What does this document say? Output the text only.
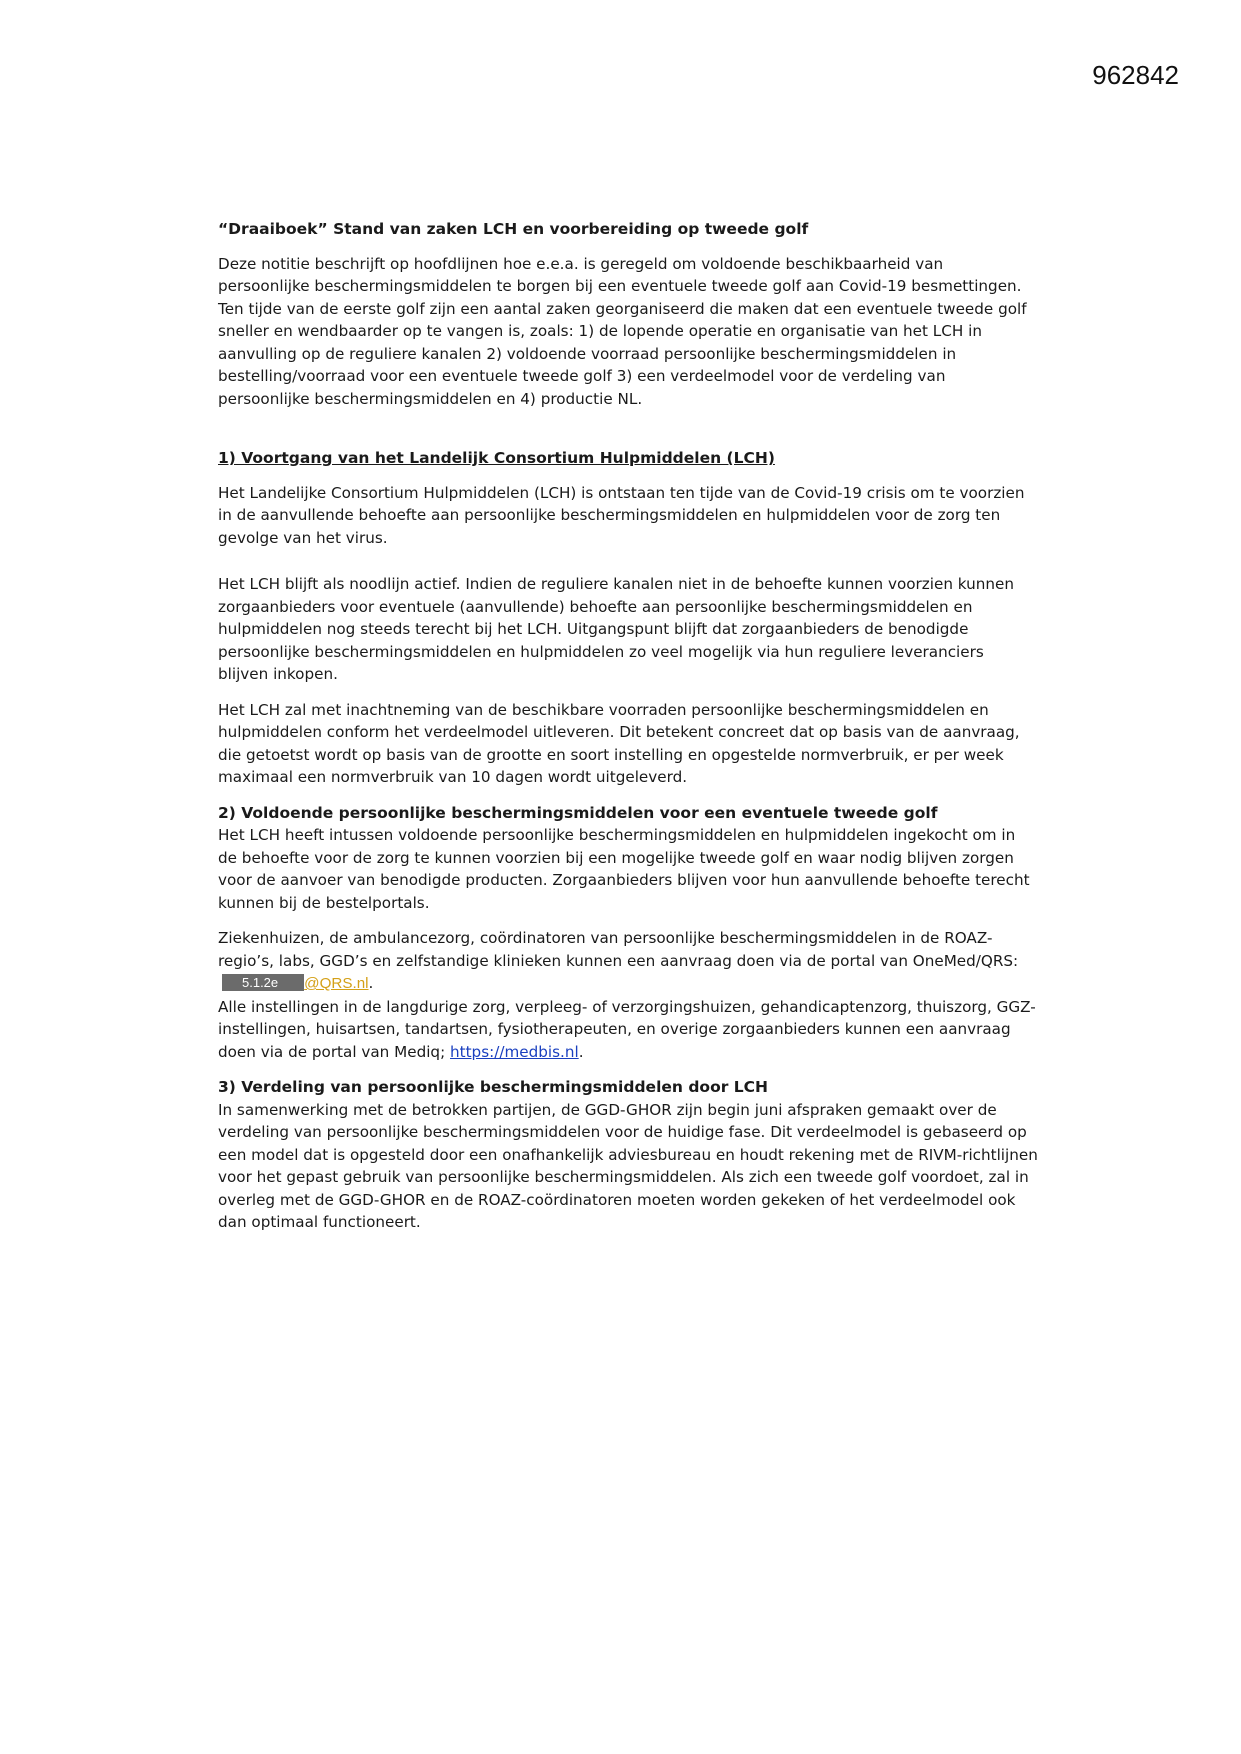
962842

“Draaiboek” Stand van zaken LCH en voorbereiding op tweede golf

Deze notitie beschrijft op hoofdlijnen hoe e.e.a. is geregeld om voldoende beschikbaarheid van persoonlijke beschermingsmiddelen te borgen bij een eventuele tweede golf aan Covid-19 besmettingen. Ten tijde van de eerste golf zijn een aantal zaken georganiseerd die maken dat een eventuele tweede golf sneller en wendbaarder op te vangen is, zoals: 1) de lopende operatie en organisatie van het LCH in aanvulling op de reguliere kanalen 2) voldoende voorraad persoonlijke beschermingsmiddelen in bestelling/voorraad voor een eventuele tweede golf 3) een verdeelmodel voor de verdeling van persoonlijke beschermingsmiddelen en 4) productie NL.

1) Voortgang van het Landelijk Consortium Hulpmiddelen (LCH)

Het Landelijke Consortium Hulpmiddelen (LCH) is ontstaan ten tijde van de Covid-19 crisis om te voorzien in de aanvullende behoefte aan persoonlijke beschermingsmiddelen en hulpmiddelen voor de zorg ten gevolge van het virus.

Het LCH blijft als noodlijn actief. Indien de reguliere kanalen niet in de behoefte kunnen voorzien kunnen zorgaanbieders voor eventuele (aanvullende) behoefte aan persoonlijke beschermingsmiddelen en hulpmiddelen nog steeds terecht bij het LCH. Uitgangspunt blijft dat zorgaanbieders de benodigde persoonlijke beschermingsmiddelen en hulpmiddelen zo veel mogelijk via hun reguliere leveranciers blijven inkopen.

Het LCH zal met inachtneming van de beschikbare voorraden persoonlijke beschermingsmiddelen en hulpmiddelen conform het verdeelmodel uitleveren. Dit betekent concreet dat op basis van de aanvraag, die getoetst wordt op basis van de grootte en soort instelling en opgestelde normverbruik, er per week maximaal een normverbruik van 10 dagen wordt uitgeleverd.

2) Voldoende persoonlijke beschermingsmiddelen voor een eventuele tweede golf

Het LCH heeft intussen voldoende persoonlijke beschermingsmiddelen en hulpmiddelen ingekocht om in de behoefte voor de zorg te kunnen voorzien bij een mogelijke tweede golf en waar nodig blijven zorgen voor de aanvoer van benodigde producten. Zorgaanbieders blijven voor hun aanvullende behoefte terecht kunnen bij de bestelportals.

Ziekenhuizen, de ambulancezorg, coördinatoren van persoonlijke beschermingsmiddelen in de ROAZ-regio’s, labs, GGD’s en zelfstandige klinieken kunnen een aanvraag doen via de portal van OneMed/QRS:5.1.2e @QRS.nl.

Alle instellingen in de langdurige zorg, verpleeg- of verzorgingshuizen, gehandicaptenzorg, thuiszorg, GGZ- instellingen, huisartsen, tandartsen, fysiotherapeuten, en overige zorgaanbieders kunnen een aanvraag doen via de portal van Mediq; https://medbis.nl.

3) Verdeling van persoonlijke beschermingsmiddelen door LCH

In samenwerking met de betrokken partijen, de GGD-GHOR zijn begin juni afspraken gemaakt over de verdeling van persoonlijke beschermingsmiddelen voor de huidige fase. Dit verdeelmodel is gebaseerd op een model dat is opgesteld door een onafhankelijk adviesbureau en houdt rekening met de RIVM-richtlijnen voor het gepast gebruik van persoonlijke beschermingsmiddelen. Als zich een tweede golf voordoet, zal in overleg met de GGD-GHOR en de ROAZ-coördinatoren moeten worden gekeken of het verdeelmodel ook dan optimaal functioneert.
